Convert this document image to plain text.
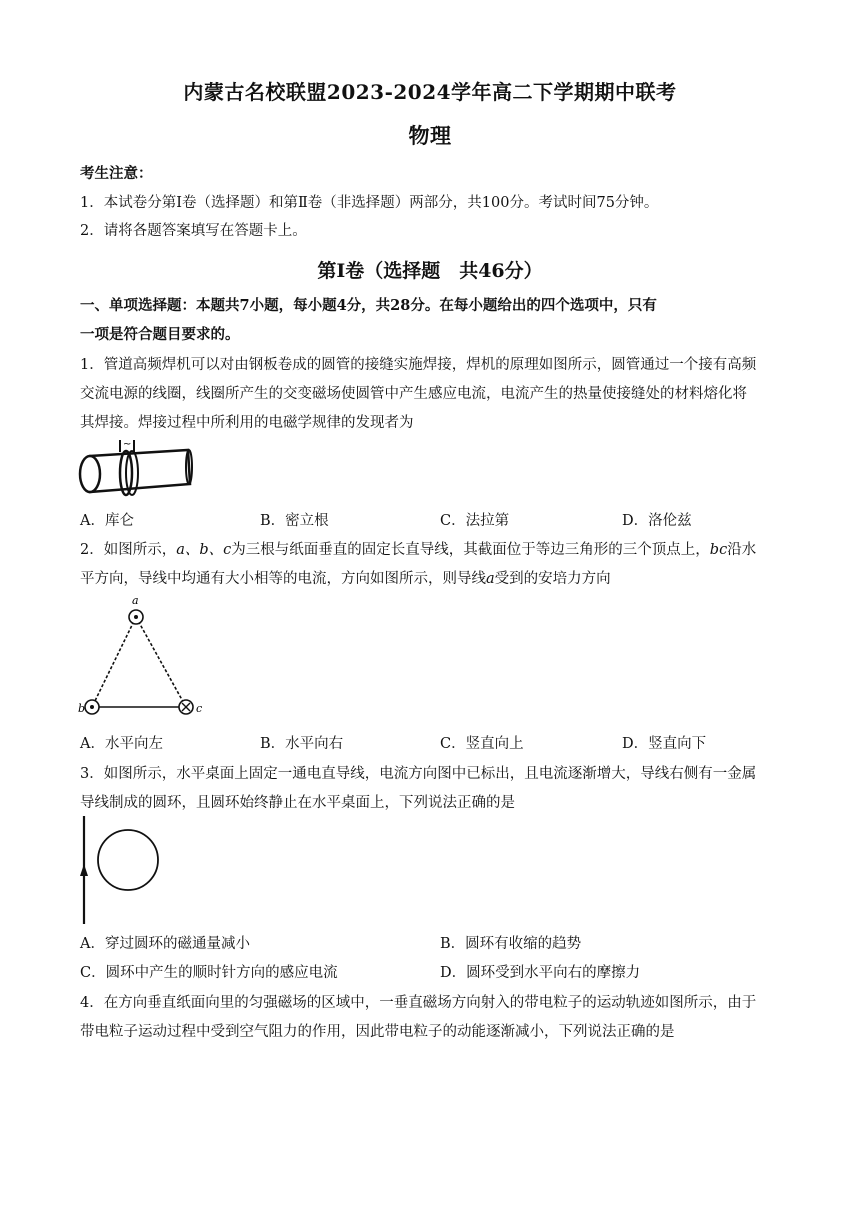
内蒙古名校联盟2023-2024学年高二下学期期中联考
物理
考生注意：
1．本试卷分第Ⅰ卷（选择题）和第Ⅱ卷（非选择题）两部分，共100分。考试时间75分钟。
2．请将各题答案填写在答题卡上。
第Ⅰ卷（选择题　共46分）
一、单项选择题：本题共7小题，每小题4分，共28分。在每小题给出的四个选项中，只有
一项是符合题目要求的。
1．管道高频焊机可以对由钢板卷成的圆管的接缝实施焊接，焊机的原理如图所示，圆管通过一个接有高频
交流电源的线圈，线圈所产生的交变磁场使圆管中产生感应电流，电流产生的热量使接缝处的材料熔化将
其焊接。焊接过程中所利用的电磁学规律的发现者为
~
A．库仑	B．密立根	C．法拉第	D．洛伦兹
2．如图所示，a、b、c为三根与纸面垂直的固定长直导线，其截面位于等边三角形的三个顶点上，bc沿水
平方向，导线中均通有大小相等的电流，方向如图所示，则导线a受到的安培力方向
a
b	c
A．水平向左	B．水平向右	C．竖直向上	D．竖直向下
3．如图所示，水平桌面上固定一通电直导线，电流方向图中已标出，且电流逐渐增大，导线右侧有一金属
导线制成的圆环，且圆环始终静止在水平桌面上，下列说法正确的是
A．穿过圆环的磁通量减小	B．圆环有收缩的趋势
C．圆环中产生的顺时针方向的感应电流	D．圆环受到水平向右的摩擦力
4．在方向垂直纸面向里的匀强磁场的区域中，一垂直磁场方向射入的带电粒子的运动轨迹如图所示，由于
带电粒子运动过程中受到空气阻力的作用，因此带电粒子的动能逐渐减小，下列说法正确的是
